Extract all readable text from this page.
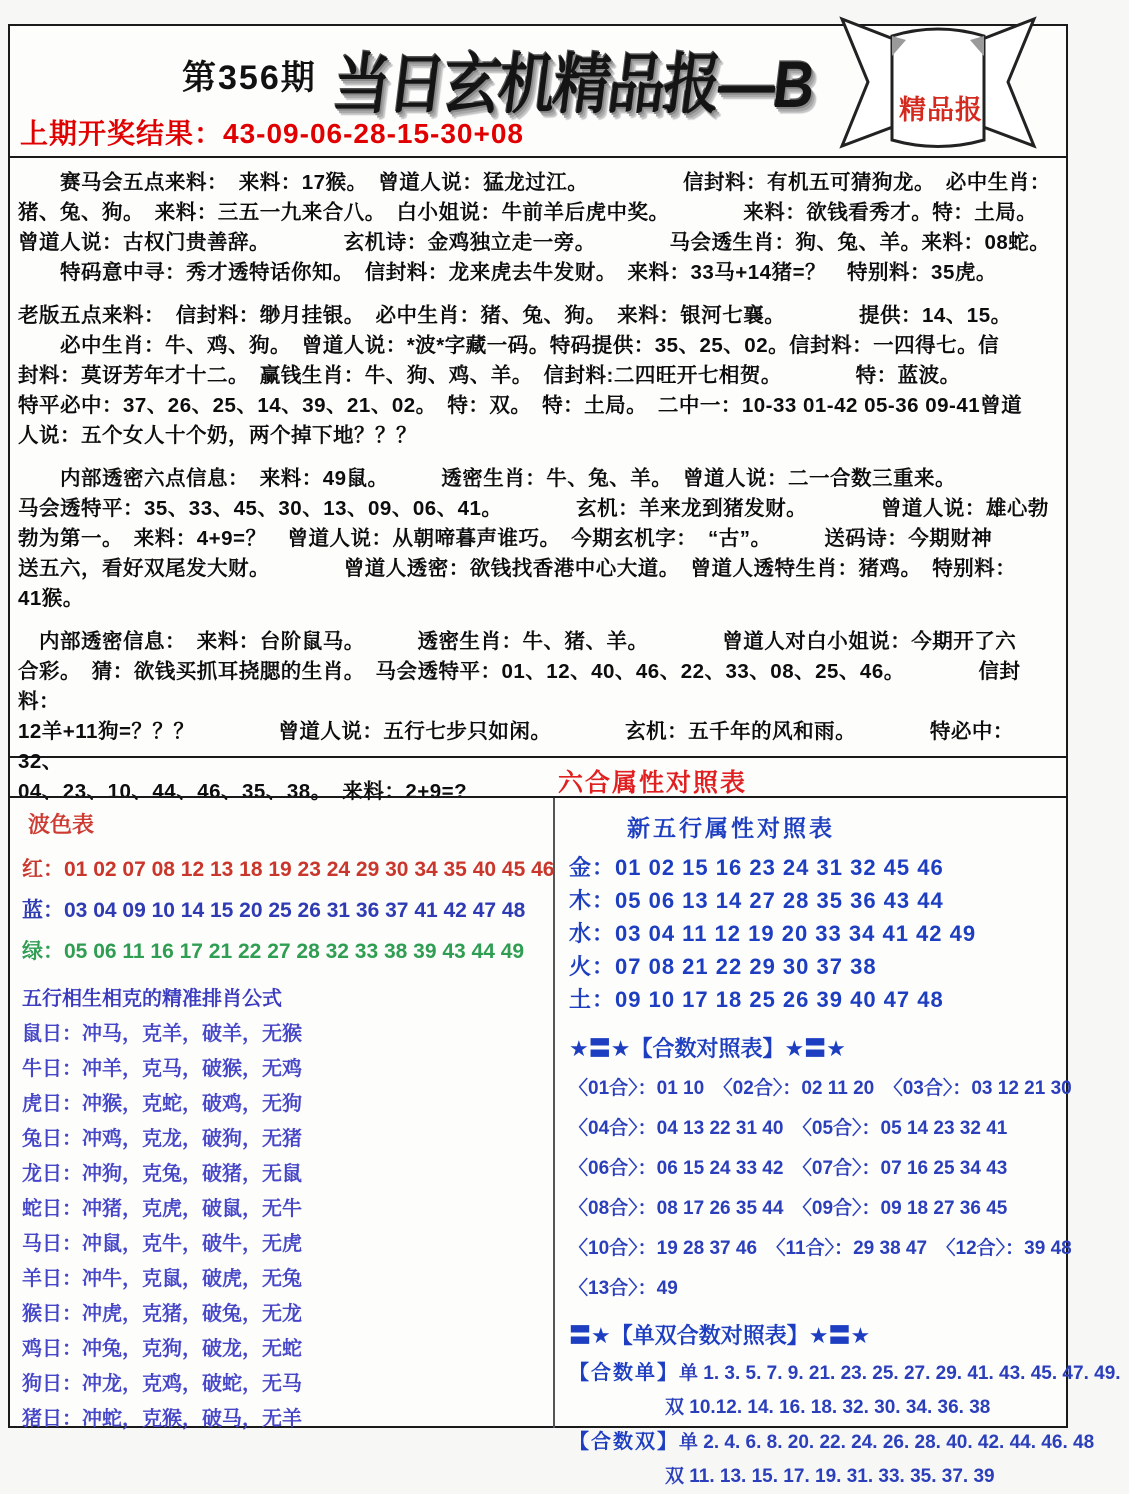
第356期 当日玄机精品报—B	精品报
上期开奖结果：43-09-06-28-15-30+08
　　赛马会五点来料：　来料：17猴。　曾道人说：猛龙过江。　　　　　信封料：有机五可猜狗龙。　必中生肖：
猪、兔、狗。　来料：三五一九来合八。　白小姐说：牛前羊后虎中奖。　　　　来料：欲钱看秀才。特：土局。
曾道人说：古权门贵善辞。　　　　玄机诗：金鸡独立走一旁。　　　　马会透生肖：狗、兔、羊。来料：08蛇。
　　特码意中寻：秀才透特话你知。　信封料：龙来虎去牛发财。　来料：33马+14猪=？　特别料：35虎。
老版五点来料：　信封料：缈月挂银。　必中生肖：猪、兔、狗。　来料：银河七襄。　　　　提供：14、15。
　　必中生肖：牛、鸡、狗。　曾道人说：*波*字藏一码。特码提供：35、25、02。信封料：一四得七。信
封料：莫讶芳年才十二。　赢钱生肖：牛、狗、鸡、羊。　信封料:二四旺开七相贺。　　　　特：蓝波。
特平必中：37、26、25、14、39、21、02。　特：双。　特：土局。　二中一：10-33 01-42 05-36 09-41曾道
人说：五个女人十个奶，两个掉下地？？？
　　内部透密六点信息：　来料：49鼠。　　　透密生肖：牛、兔、羊。　曾道人说：二一合数三重来。
马会透特平：35、33、45、30、13、09、06、41。　　　　玄机：羊来龙到猪发财。　　　　曾道人说：雄心勃
勃为第一。　来料：4+9=？　曾道人说：从朝啼暮声谁巧。　今期玄机字：　“古”。　　　送码诗：今期财神
送五六，看好双尾发大财。　　　　曾道人透密：欲钱找香港中心大道。　曾道人透特生肖：猪鸡。　特别料：
41猴。
　内部透密信息：　来料：台阶鼠马。　　　透密生肖：牛、猪、羊。　　　　曾道人对白小姐说：今期开了六
合彩。　猜：欲钱买抓耳挠腮的生肖。　马会透特平：01、12、40、46、22、33、08、25、46。　　　　信封料：
12羊+11狗=？？？　　　　曾道人说：五行七步只如闲。　　　　玄机：五千年的风和雨。　　　　特必中：32、
04、23、10、44、46、35、38。　来料：2+9=?	六合属性对照表
波色表
红：01 02 07 08 12 13 18 19 23 24 29 30 34 35 40 45 46
蓝：03 04 09 10 14 15 20 25 26 31 36 37 41 42 47 48
绿：05 06 11 16 17 21 22 27 28 32 33 38 39 43 44 49
五行相生相克的精准排肖公式
鼠日：冲马，克羊，破羊，无猴
牛日：冲羊，克马，破猴，无鸡
虎日：冲猴，克蛇，破鸡，无狗
兔日：冲鸡，克龙，破狗，无猪
龙日：冲狗，克兔，破猪，无鼠
蛇日：冲猪，克虎，破鼠，无牛
马日：冲鼠，克牛，破牛，无虎
羊日：冲牛，克鼠，破虎，无兔
猴日：冲虎，克猪，破兔，无龙
鸡日：冲兔，克狗，破龙，无蛇
狗日：冲龙，克鸡，破蛇，无马
猪日：冲蛇，克猴，破马，无羊
新五行属性对照表
金：01 02 15 16 23 24 31 32 45 46
木：05 06 13 14 27 28 35 36 43 44
水：03 04 11 12 19 20 33 34 41 42 49
火：07 08 21 22 29 30 37 38
土：09 10 17 18 25 26 39 40 47 48
★〓★【合数对照表】★〓★
〈01合〉：01 10　〈02合〉：02 11 20　〈03合〉：03 12 21 30
〈04合〉：04 13 22 31 40　〈05合〉：05 14 23 32 41
〈06合〉：06 15 24 33 42　〈07合〉：07 16 25 34 43
〈08合〉：08 17 26 35 44　〈09合〉：09 18 27 36 45
〈10合〉：19 28 37 46　〈11合〉：29 38 47　〈12合〉：39 48
〈13合〉：49
〓★【单双合数对照表】★〓★
【合数单】单 1. 3. 5. 7. 9. 21. 23. 25. 27. 29. 41. 43. 45. 47. 49.
双 10.12. 14. 16. 18. 32. 30. 34. 36. 38
【合数双】单 2. 4. 6. 8. 20. 22. 24. 26. 28. 40. 42. 44. 46. 48
双 11. 13. 15. 17. 19. 31. 33. 35. 37. 39
